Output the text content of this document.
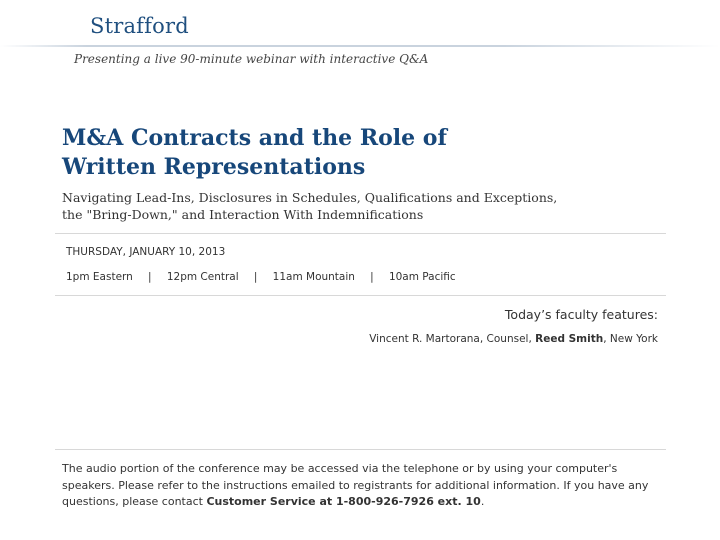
Strafford
Presenting a live 90-minute webinar with interactive Q&A
M&A Contracts and the Role of
Written Representations
Navigating Lead-Ins, Disclosures in Schedules, Qualifications and Exceptions,
the "Bring-Down," and Interaction With Indemnifications
THURSDAY, JANUARY 10, 2013
1pm Eastern	|	12pm Central	|	11am Mountain	|	10am Pacific
Today’s faculty features:
Vincent R. Martorana, Counsel, Reed Smith, New York
The audio portion of the conference may be accessed via the telephone or by using your computer's speakers. Please refer to the instructions emailed to registrants for additional information. If you have any questions, please contact Customer Service at 1-800-926-7926 ext. 10.
